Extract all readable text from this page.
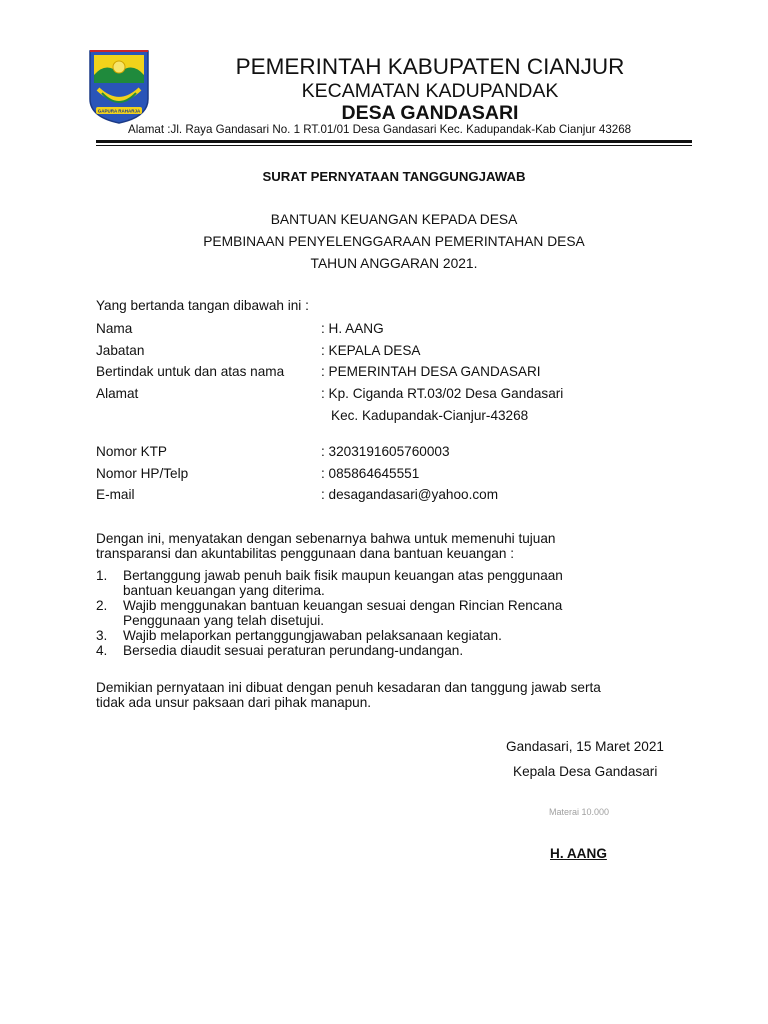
GAPURA RAHARJA
PEMERINTAH KABUPATEN CIANJUR
KECAMATAN KADUPANDAK
DESA GANDASARI
Alamat :Jl. Raya Gandasari No. 1 RT.01/01 Desa Gandasari Kec. Kadupandak-Kab Cianjur 43268
SURAT PERNYATAAN TANGGUNGJAWAB
BANTUAN KEUANGAN KEPADA DESA
PEMBINAAN PENYELENGGARAAN PEMERINTAHAN DESA
TAHUN ANGGARAN 2021.
Yang bertanda tangan dibawah ini :
Nama	: H. AANG
Jabatan	: KEPALA DESA
Bertindak untuk dan atas nama	: PEMERINTAH DESA GANDASARI
Alamat	: Kp. Ciganda RT.03/02 Desa Gandasari
Kec. Kadupandak-Cianjur-43268
Nomor KTP	: 3203191605760003
Nomor HP/Telp	: 085864645551
E-mail	: desagandasari@yahoo.com
Dengan ini, menyatakan dengan sebenarnya bahwa untuk memenuhi tujuan
transparansi dan akuntabilitas penggunaan dana bantuan keuangan :
1. Bertanggung jawab penuh baik fisik maupun keuangan atas penggunaan
bantuan keuangan yang diterima.
2. Wajib menggunakan bantuan keuangan sesuai dengan Rincian Rencana
Penggunaan yang telah disetujui.
3. Wajib melaporkan pertanggungjawaban pelaksanaan kegiatan.
4. Bersedia diaudit sesuai peraturan perundang-undangan.
Demikian pernyataan ini dibuat dengan penuh kesadaran dan tanggung jawab serta
tidak ada unsur paksaan dari pihak manapun.
Gandasari, 15 Maret 2021
Kepala Desa Gandasari
Materai 10.000
H. AANG
